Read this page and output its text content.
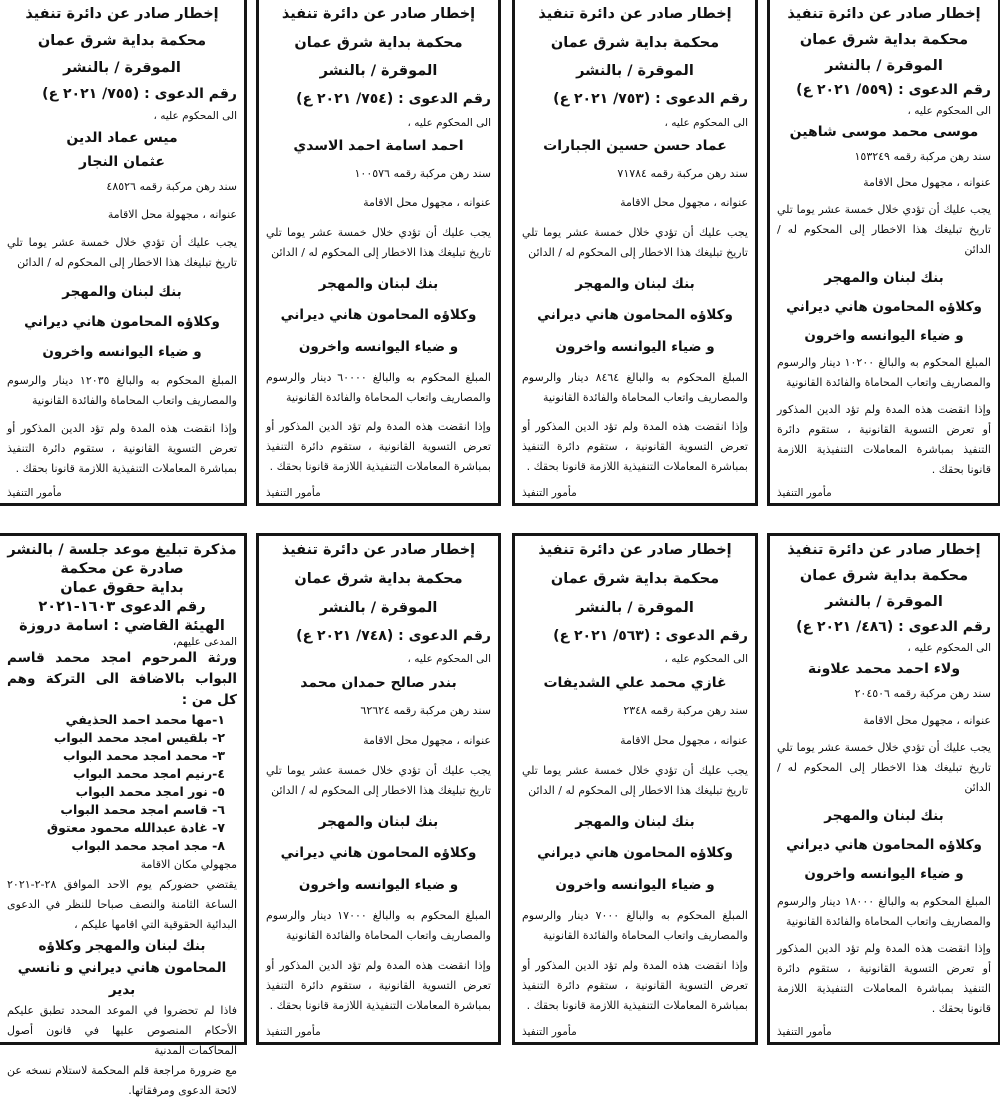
إخطار صادر عن دائرة تنفيذ
محكمة بداية شرق عمان
الموقرة / بالنشر
رقم الدعوى : (٥٥٩/ ٢٠٢١ ع)
الى المحكوم عليه ،
موسى محمد موسى شاهين
سند رهن مركبة رقمه ١٥٣٢٤٩
عنوانه ، مجهول محل الاقامة
يجب عليك أن تؤدي خلال خمسة عشر يوما تلي تاريخ تبليغك هذا الاخطار إلى المحكوم له / الدائن
بنك لبنان والمهجر
وكلاؤه المحامون هاني ديراني
و ضياء اليوانسه واخرون
المبلغ المحكوم به والبالغ ١٠٢٠٠ دينار والرسوم والمصاريف واتعاب المحاماة والفائدة القانونية
وإذا انقضت هذه المدة ولم تؤد الدين المذكور أو تعرض التسوية القانونية ، ستقوم دائرة التنفيذ بمباشرة المعاملات التنفيذية اللازمة قانونا بحقك .
مأمور التنفيذ
إخطار صادر عن دائرة تنفيذ
محكمة بداية شرق عمان
الموقرة / بالنشر
رقم الدعوى : (٧٥٣/ ٢٠٢١ ع)
الى المحكوم عليه ،
عماد حسن حسين الجبارات
سند رهن مركبة رقمه ٧١٧٨٤
عنوانه ، مجهول محل الاقامة
يجب عليك أن تؤدي خلال خمسة عشر يوما تلي تاريخ تبليغك هذا الاخطار إلى المحكوم له / الدائن
بنك لبنان والمهجر
وكلاؤه المحامون هاني ديراني
و ضياء اليوانسه واخرون
المبلغ المحكوم به والبالغ ٨٤٦٤ دينار والرسوم والمصاريف واتعاب المحاماة والفائدة القانونية
وإذا انقضت هذه المدة ولم تؤد الدين المذكور أو تعرض التسوية القانونية ، ستقوم دائرة التنفيذ بمباشرة المعاملات التنفيذية اللازمة قانونا بحقك .
مأمور التنفيذ
إخطار صادر عن دائرة تنفيذ
محكمة بداية شرق عمان
الموقرة / بالنشر
رقم الدعوى : (٧٥٤/ ٢٠٢١ ع)
الى المحكوم عليه ،
احمد اسامة احمد الاسدي
سند رهن مركبة رقمه ١٠٠٥٧٦
عنوانه ، مجهول محل الاقامة
يجب عليك أن تؤدي خلال خمسة عشر يوما تلي تاريخ تبليغك هذا الاخطار إلى المحكوم له / الدائن
بنك لبنان والمهجر
وكلاؤه المحامون هاني ديراني
و ضياء اليوانسه واخرون
المبلغ المحكوم به والبالغ ٦٠٠٠٠ دينار والرسوم والمصاريف واتعاب المحاماة والفائدة القانونية
وإذا انقضت هذه المدة ولم تؤد الدين المذكور أو تعرض التسوية القانونية ، ستقوم دائرة التنفيذ بمباشرة المعاملات التنفيذية اللازمة قانونا بحقك .
مأمور التنفيذ
إخطار صادر عن دائرة تنفيذ
محكمة بداية شرق عمان
الموقرة / بالنشر
رقم الدعوى : (٧٥٥/ ٢٠٢١ ع)
الى المحكوم عليه ،
ميس عماد الدين
عثمان النجار
سند رهن مركبة رقمه ٤٨٥٢٦
عنوانه ، مجهولة محل الاقامة
يجب عليك أن تؤدي خلال خمسة عشر يوما تلي تاريخ تبليغك هذا الاخطار إلى المحكوم له / الدائن
بنك لبنان والمهجر
وكلاؤه المحامون هاني ديراني
و ضياء اليوانسه واخرون
المبلغ المحكوم به والبالغ ١٢٠٣٥ دينار والرسوم والمصاريف واتعاب المحاماة والفائدة القانونية
وإذا انقضت هذه المدة ولم تؤد الدين المذكور أو تعرض التسوية القانونية ، ستقوم دائرة التنفيذ بمباشرة المعاملات التنفيذية اللازمة قانونا بحقك .
مأمور التنفيذ
إخطار صادر عن دائرة تنفيذ
محكمة بداية شرق عمان
الموقرة / بالنشر
رقم الدعوى : (٤٨٦/ ٢٠٢١ ع)
الى المحكوم عليه ،
ولاء احمد محمد علاونة
سند رهن مركبة رقمه ٢٠٤٥٠٦
عنوانه ، مجهول محل الاقامة
يجب عليك أن تؤدي خلال خمسة عشر يوما تلي تاريخ تبليغك هذا الاخطار إلى المحكوم له / الدائن
بنك لبنان والمهجر
وكلاؤه المحامون هاني ديراني
و ضياء اليوانسه واخرون
المبلغ المحكوم به والبالغ ١٨٠٠٠ دينار والرسوم والمصاريف واتعاب المحاماة والفائدة القانونية
وإذا انقضت هذه المدة ولم تؤد الدين المذكور أو تعرض التسوية القانونية ، ستقوم دائرة التنفيذ بمباشرة المعاملات التنفيذية اللازمة قانونا بحقك .
مأمور التنفيذ
إخطار صادر عن دائرة تنفيذ
محكمة بداية شرق عمان
الموقرة / بالنشر
رقم الدعوى : (٥٦٣/ ٢٠٢١ ع)
الى المحكوم عليه ،
غازي محمد علي الشديفات
سند رهن مركبة رقمه ٢٣٤٨
عنوانه ، مجهول محل الاقامة
يجب عليك أن تؤدي خلال خمسة عشر يوما تلي تاريخ تبليغك هذا الاخطار إلى المحكوم له / الدائن
بنك لبنان والمهجر
وكلاؤه المحامون هاني ديراني
و ضياء اليوانسه واخرون
المبلغ المحكوم به والبالغ ٧٠٠٠ دينار والرسوم والمصاريف واتعاب المحاماة والفائدة القانونية
وإذا انقضت هذه المدة ولم تؤد الدين المذكور أو تعرض التسوية القانونية ، ستقوم دائرة التنفيذ بمباشرة المعاملات التنفيذية اللازمة قانونا بحقك .
مأمور التنفيذ
إخطار صادر عن دائرة تنفيذ
محكمة بداية شرق عمان
الموقرة / بالنشر
رقم الدعوى : (٧٤٨/ ٢٠٢١ ع)
الى المحكوم عليه ،
بندر صالح حمدان محمد
سند رهن مركبة رقمه ٦٢٦٢٤
عنوانه ، مجهول محل الاقامة
يجب عليك أن تؤدي خلال خمسة عشر يوما تلي تاريخ تبليغك هذا الاخطار إلى المحكوم له / الدائن
بنك لبنان والمهجر
وكلاؤه المحامون هاني ديراني
و ضياء اليوانسه واخرون
المبلغ المحكوم به والبالغ ١٧٠٠٠ دينار والرسوم والمصاريف واتعاب المحاماة والفائدة القانونية
وإذا انقضت هذه المدة ولم تؤد الدين المذكور أو تعرض التسوية القانونية ، ستقوم دائرة التنفيذ بمباشرة المعاملات التنفيذية اللازمة قانونا بحقك .
مأمور التنفيذ
مذكرة تبليغ موعد جلسة / بالنشر
صادرة عن محكمة
بداية حقوق عمان
رقم الدعوى ١٦٠٣-٢٠٢١
الهيئة القاضي : اسامة دروزة
المدعى عليهم،
ورثة المرحوم امجد محمد قاسم البواب بالاضافة الى التركة وهم كل من :
١-مها محمد احمد الحذيفي
٢- بلقيس امجد محمد البواب
٣- محمد امجد محمد البواب
٤-رنيم امجد محمد البواب
٥- نور امجد محمد البواب
٦- قاسم امجد محمد البواب
٧- غادة عبدالله محمود معتوق
٨- مجد امجد محمد البواب
مجهولي مكان الاقامة
يقتضي حضوركم يوم الاحد الموافق ٢٨-٢-٢٠٢١ الساعة الثامنة والنصف صباحا للنظر في الدعوى البدائية الحقوقية التي اقامها عليكم ،
بنك لبنان والمهجر وكلاؤه المحامون هاني ديراني و نانسي بدير
فاذا لم تحضروا في الموعد المحدد تطبق عليكم الأحكام المنصوص عليها في قانون أصول المحاكمات المدنية
مع ضرورة مراجعة قلم المحكمة لاستلام نسخه عن لائحة الدعوى ومرفقاتها.
